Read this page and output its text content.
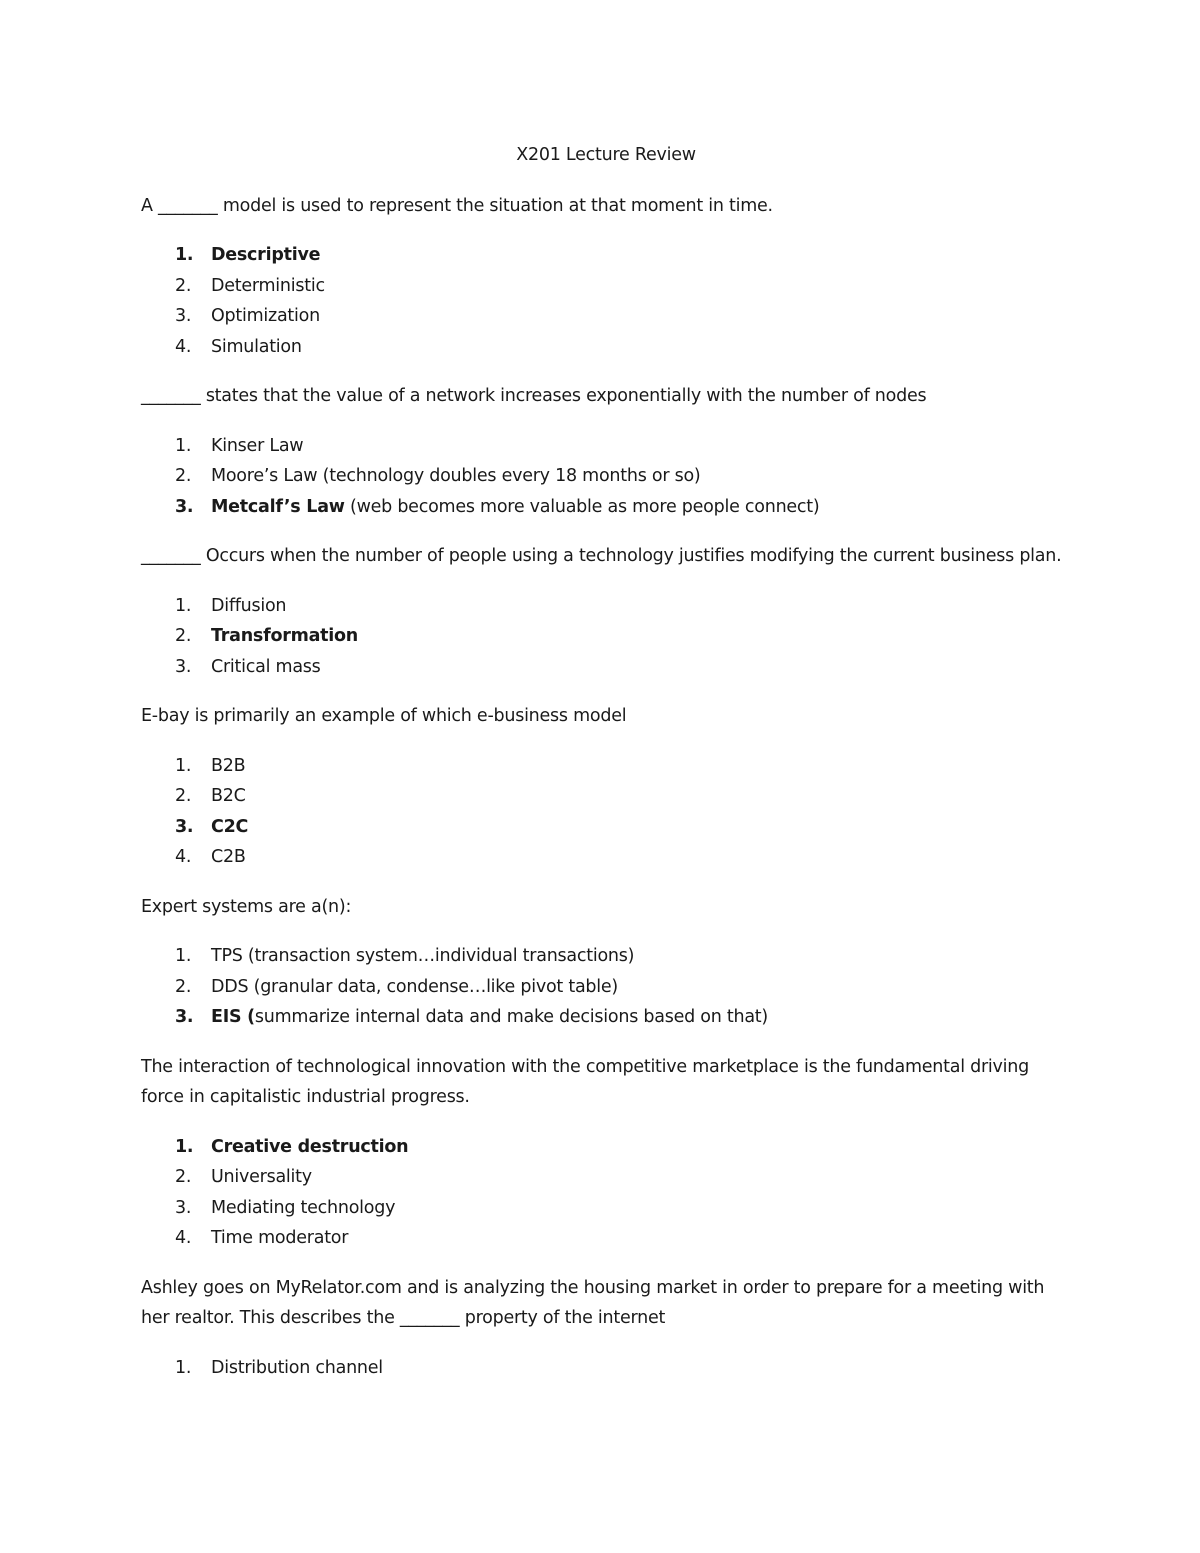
X201 Lecture Review
A _______ model is used to represent the situation at that moment in time.
1. Descriptive
2. Deterministic
3. Optimization
4. Simulation
_______ states that the value of a network increases exponentially with the number of nodes
1. Kinser Law
2. Moore’s Law (technology doubles every 18 months or so)
3. Metcalf’s Law (web becomes more valuable as more people connect)
_______ Occurs when the number of people using a technology justifies modifying the current business plan.
1. Diffusion
2. Transformation
3. Critical mass
E-bay is primarily an example of which e-business model
1. B2B
2. B2C
3. C2C
4. C2B
Expert systems are a(n):
1. TPS (transaction system…individual transactions)
2. DDS (granular data, condense…like pivot table)
3. EIS (summarize internal data and make decisions based on that)
The interaction of technological innovation with the competitive marketplace is the fundamental driving force in capitalistic industrial progress.
1. Creative destruction
2. Universality
3. Mediating technology
4. Time moderator
Ashley goes on MyRelator.com and is analyzing the housing market in order to prepare for a meeting with her realtor. This describes the _______ property of the internet
1. Distribution channel
